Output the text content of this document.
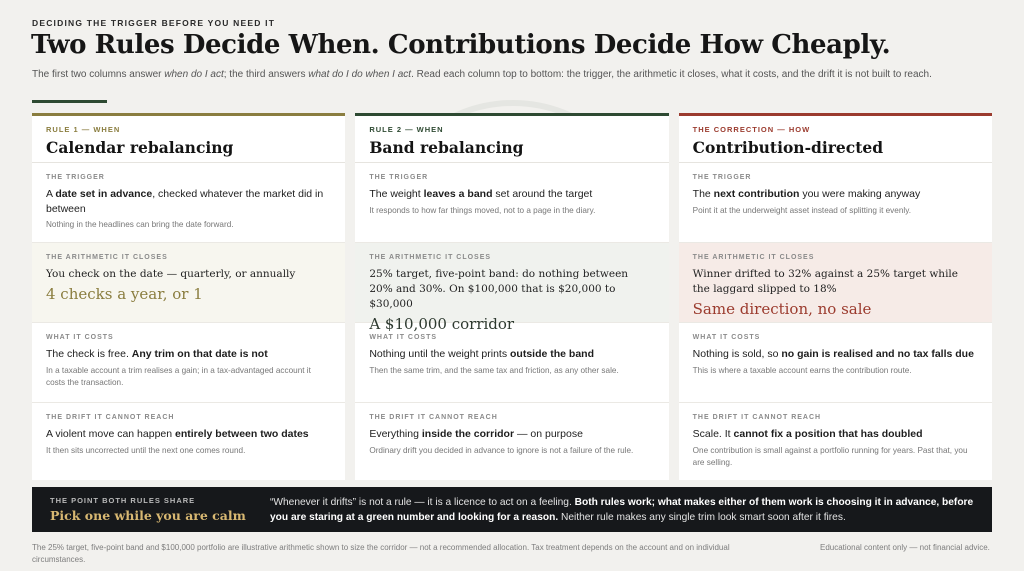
DECIDING THE TRIGGER BEFORE YOU NEED IT
Two Rules Decide When. Contributions Decide How Cheaply.

The first two columns answer when do I act; the third answers what do I do when I act. Read each column top to bottom: the trigger, the arithmetic it closes, what it costs, and the drift it is not built to reach.

RULE 1 — WHEN
Calendar rebalancing
THE TRIGGER
A date set in advance, checked whatever the market did in between
Nothing in the headlines can bring the date forward.
THE ARITHMETIC IT CLOSES
You check on the date — quarterly, or annually
4 checks a year, or 1
WHAT IT COSTS
The check is free. Any trim on that date is not
In a taxable account a trim realises a gain; in a tax-advantaged account it costs the transaction.
THE DRIFT IT CANNOT REACH
A violent move can happen entirely between two dates
It then sits uncorrected until the next one comes round.
RULE 2 — WHEN
Band rebalancing
THE TRIGGER
The weight leaves a band set around the target
It responds to how far things moved, not to a page in the diary.
THE ARITHMETIC IT CLOSES
25% target, five-point band: do nothing between 20% and 30%. On $100,000 that is $20,000 to $30,000
A $10,000 corridor
WHAT IT COSTS
Nothing until the weight prints outside the band
Then the same trim, and the same tax and friction, as any other sale.
THE DRIFT IT CANNOT REACH
Everything inside the corridor — on purpose
Ordinary drift you decided in advance to ignore is not a failure of the rule.
THE CORRECTION — HOW
Contribution-directed
THE TRIGGER
The next contribution you were making anyway
Point it at the underweight asset instead of splitting it evenly.
THE ARITHMETIC IT CLOSES
Winner drifted to 32% against a 25% target while the laggard slipped to 18%
Same direction, no sale
WHAT IT COSTS
Nothing is sold, so no gain is realised and no tax falls due
This is where a taxable account earns the contribution route.
THE DRIFT IT CANNOT REACH
Scale. It cannot fix a position that has doubled
One contribution is small against a portfolio running for years. Past that, you are selling.
THE POINT BOTH RULES SHARE
Pick one while you are calm
“Whenever it drifts” is not a rule — it is a licence to act on a feeling. Both rules work; what makes either of them work is choosing it in advance, before you are staring at a green number and looking for a reason. Neither rule makes any single trim look smart soon after it fires.
The 25% target, five-point band and $100,000 portfolio are illustrative arithmetic shown to size the corridor — not a recommended allocation. Tax treatment depends on the account and on individual circumstances.
Educational content only — not financial advice.
